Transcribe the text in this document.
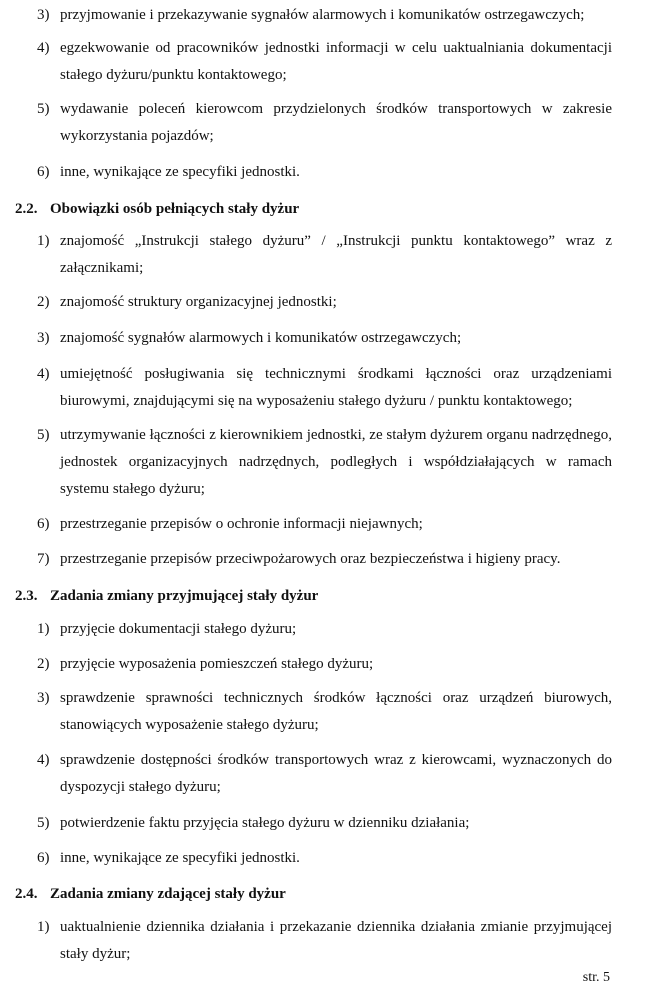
3) przyjmowanie i przekazywanie sygnałów alarmowych i komunikatów ostrzegawczych;
4) egzekwowanie od pracowników jednostki informacji w celu uaktualniania dokumentacji stałego dyżuru/punktu kontaktowego;
5) wydawanie poleceń kierowcom przydzielonych środków transportowych w zakresie wykorzystania pojazdów;
6) inne, wynikające ze specyfiki jednostki.
2.2. Obowiązki osób pełniących stały dyżur
1) znajomość „Instrukcji stałego dyżuru” / „Instrukcji punktu kontaktowego” wraz z załącznikami;
2) znajomość struktury organizacyjnej jednostki;
3) znajomość sygnałów alarmowych i komunikatów ostrzegawczych;
4) umiejętność posługiwania się technicznymi środkami łączności oraz urządzeniami biurowymi, znajdującymi się na wyposażeniu stałego dyżuru / punktu kontaktowego;
5) utrzymywanie łączności z kierownikiem jednostki, ze stałym dyżurem organu nadrzędnego, jednostek organizacyjnych nadrzędnych, podległych i współdziałających w ramach systemu stałego dyżuru;
6) przestrzeganie przepisów o ochronie informacji niejawnych;
7) przestrzeganie przepisów przeciwpożarowych oraz bezpieczeństwa i higieny pracy.
2.3. Zadania zmiany przyjmującej stały dyżur
1) przyjęcie dokumentacji stałego dyżuru;
2) przyjęcie wyposażenia pomieszczeń stałego dyżuru;
3) sprawdzenie sprawności technicznych środków łączności oraz urządzeń biurowych, stanowiących wyposażenie stałego dyżuru;
4) sprawdzenie dostępności środków transportowych wraz z kierowcami, wyznaczonych do dyspozycji stałego dyżuru;
5) potwierdzenie faktu przyjęcia stałego dyżuru w dzienniku działania;
6) inne, wynikające ze specyfiki jednostki.
2.4. Zadania zmiany zdającej stały dyżur
1) uaktualnienie dziennika działania i przekazanie dziennika działania zmianie przyjmującej stały dyżur;
str. 5
